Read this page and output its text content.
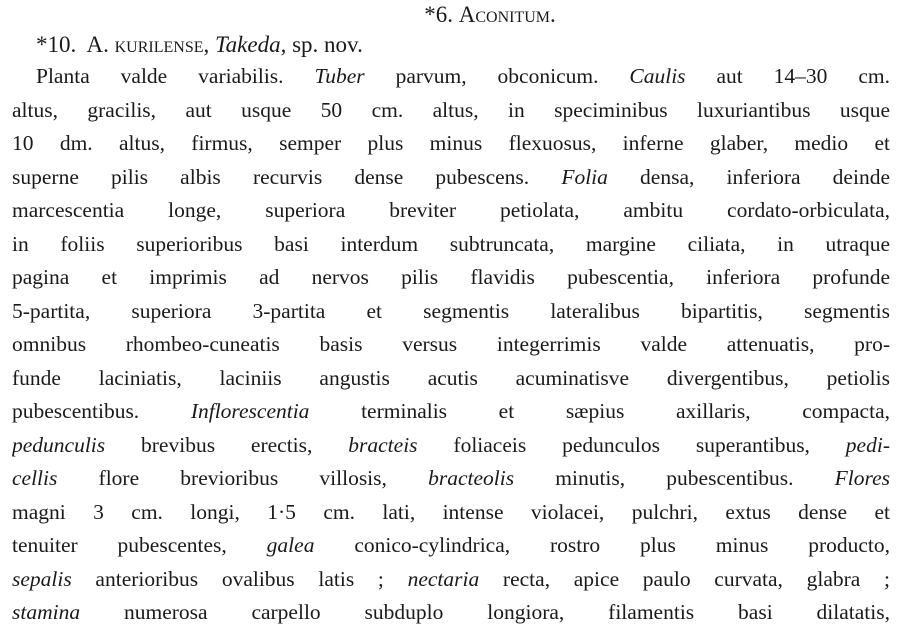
*6. Aconitum.
*10. A. kurilense, Takeda, sp. nov.
Planta valde variabilis. Tuber parvum, obconicum. Caulis aut 14–30 cm.
altus, gracilis, aut usque 50 cm. altus, in speciminibus luxuriantibus usque
10 dm. altus, firmus, semper plus minus flexuosus, inferne glaber, medio et
superne pilis albis recurvis dense pubescens. Folia densa, inferiora deinde
marcescentia longe, superiora breviter petiolata, ambitu cordato-orbiculata,
in foliis superioribus basi interdum subtruncata, margine ciliata, in utraque
pagina et imprimis ad nervos pilis flavidis pubescentia, inferiora profunde
5-partita, superiora 3-partita et segmentis lateralibus bipartitis, segmentis
omnibus rhombeo-cuneatis basis versus integerrimis valde attenuatis, pro-
funde laciniatis, laciniis angustis acutis acuminatisve divergentibus, petiolis
pubescentibus. Inflorescentia terminalis et sæpius axillaris, compacta,
pedunculis brevibus erectis, bracteis foliaceis pedunculos superantibus, pedi-
cellis flore brevioribus villosis, bracteolis minutis, pubescentibus. Flores
magni 3 cm. longi, 1·5 cm. lati, intense violacei, pulchri, extus dense et
tenuiter pubescentes, galea conico-cylindrica, rostro plus minus producto,
sepalis anterioribus ovalibus latis ; nectaria recta, apice paulo curvata, glabra ;
stamina numerosa carpello subduplo longiora, filamentis basi dilatatis,
